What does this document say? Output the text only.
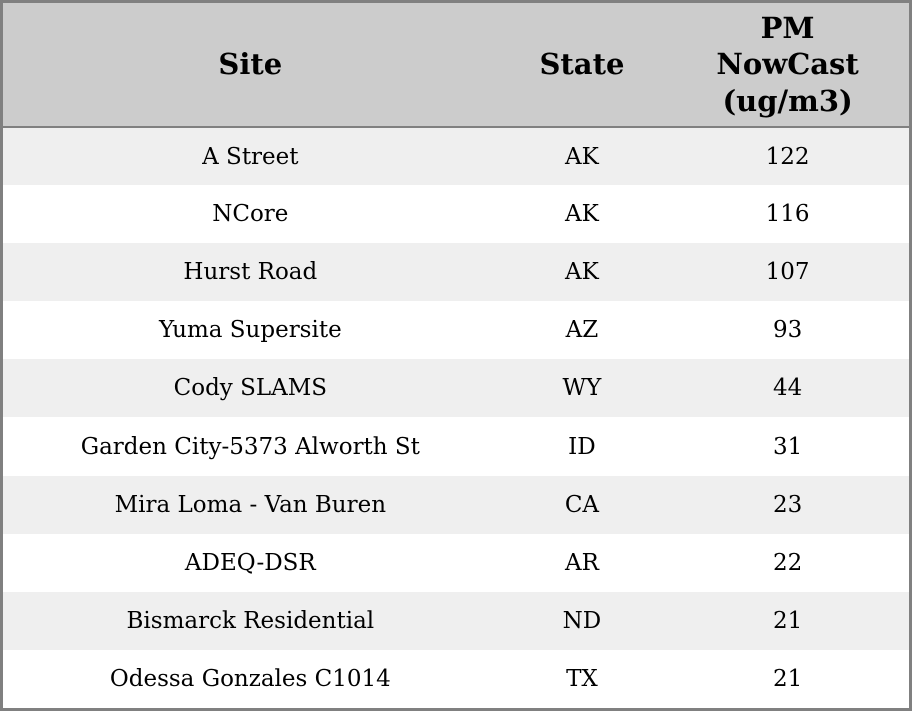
Site	State	PM NowCast (ug/m3)
A Street	AK	122
NCore	AK	116
Hurst Road	AK	107
Yuma Supersite	AZ	93
Cody SLAMS	WY	44
Garden City-5373 Alworth St	ID	31
Mira Loma - Van Buren	CA	23
ADEQ-DSR	AR	22
Bismarck Residential	ND	21
Odessa Gonzales C1014	TX	21
